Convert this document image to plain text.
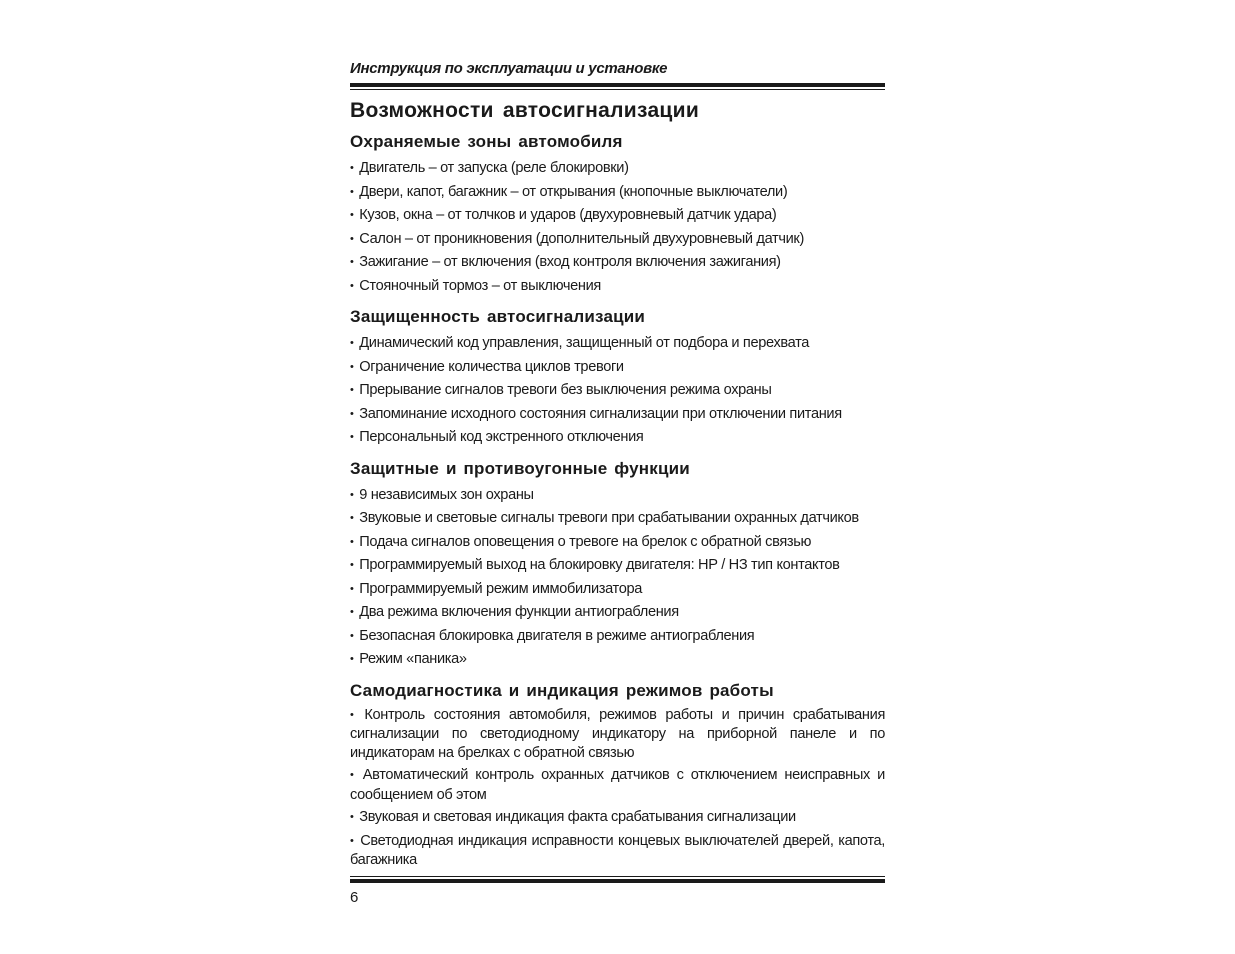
Инструкция по эксплуатации и установке
Возможности автосигнализации
Охраняемые зоны автомобиля
• Двигатель – от запуска (реле блокировки)
• Двери, капот, багажник – от открывания (кнопочные выключатели)
• Кузов, окна – от толчков и ударов (двухуровневый датчик удара)
• Салон – от проникновения (дополнительный двухуровневый датчик)
• Зажигание – от включения (вход контроля включения зажигания)
• Стояночный тормоз – от выключения
Защищенность автосигнализации
• Динамический код управления, защищенный от подбора и перехвата
• Ограничение количества циклов тревоги
• Прерывание сигналов тревоги без выключения режима охраны
• Запоминание исходного состояния сигнализации при отключении питания
• Персональный код экстренного отключения
Защитные и противоугонные функции
• 9 независимых зон охраны
• Звуковые и световые сигналы тревоги при срабатывании охранных датчиков
• Подача сигналов оповещения о тревоге на брелок с обратной связью
• Программируемый выход на блокировку двигателя: НР / НЗ тип контактов
• Программируемый режим иммобилизатора
• Два режима включения функции антиограбления
• Безопасная блокировка двигателя в режиме антиограбления
• Режим «паника»
Самодиагностика и индикация режимов работы
• Контроль состояния автомобиля, режимов работы и причин срабатывания сигнализации по светодиодному индикатору на приборной панеле и по индикаторам на брелках с обратной связью
• Автоматический контроль охранных датчиков с отключением неисправных и сообщением об этом
• Звуковая и световая индикация факта срабатывания сигнализации
• Светодиодная индикация исправности концевых выключателей дверей, капота, багажника
6
